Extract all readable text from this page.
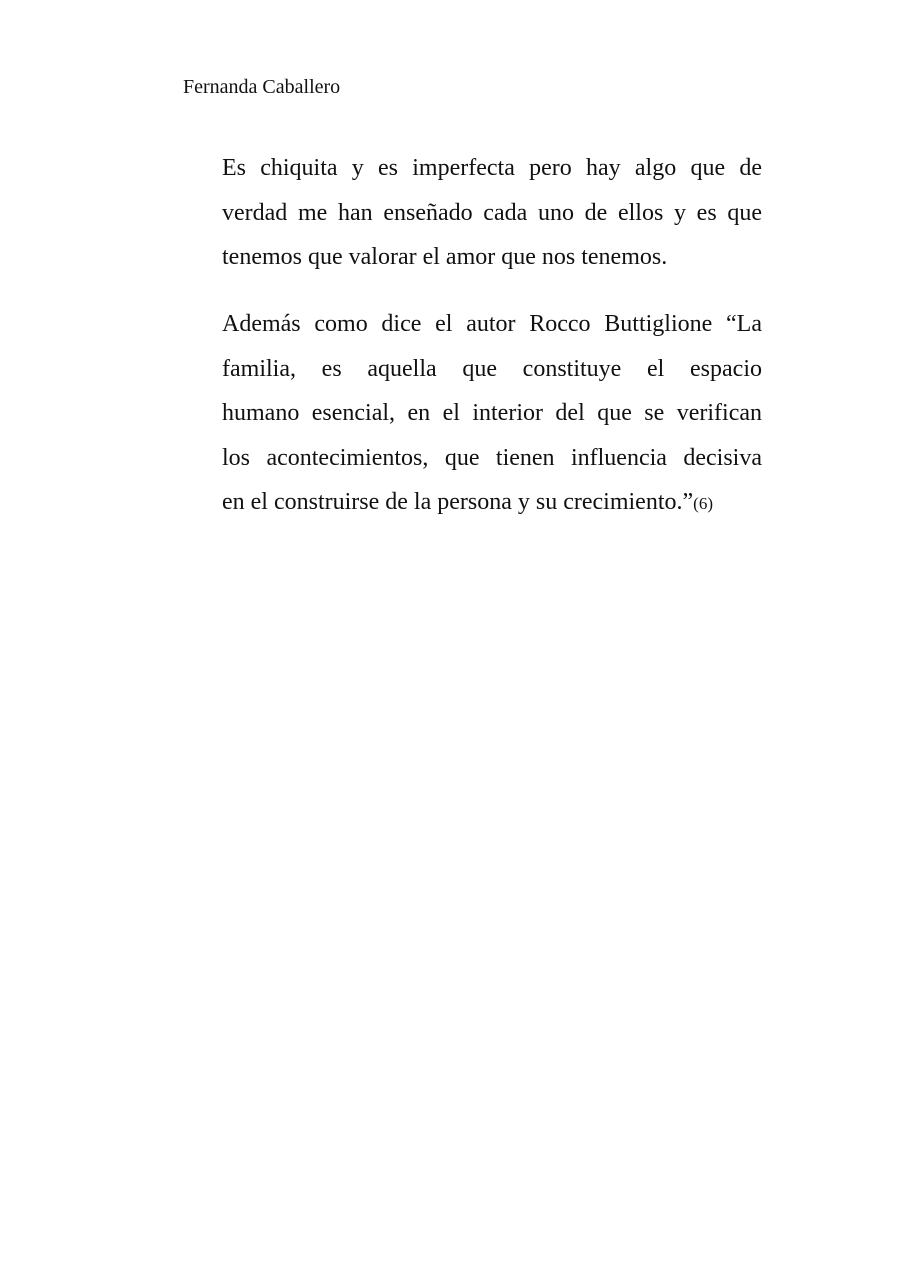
Fernanda Caballero
Es chiquita y es imperfecta pero hay algo que de
verdad me han enseñado cada uno de ellos y es que
tenemos que valorar el amor que nos tenemos.
Además como dice el autor Rocco Buttiglione “La
familia, es aquella que constituye el espacio
humano esencial, en el interior del que se verifican
los acontecimientos, que tienen influencia decisiva
en el construirse de la persona y su crecimiento.”(6)
